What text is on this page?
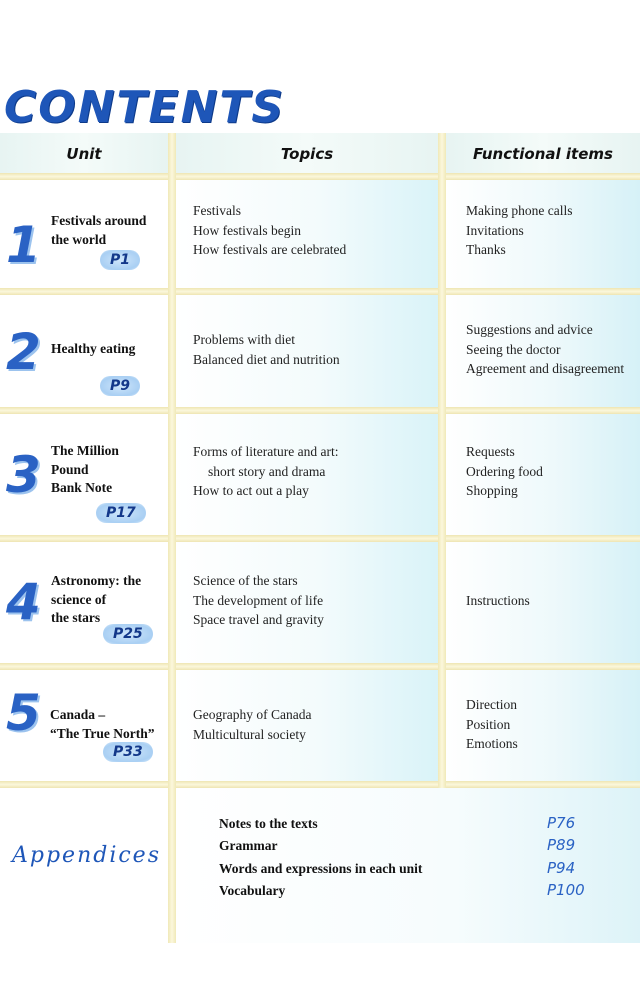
CONTENTS
Unit	Topics	Functional items
1 Festivals around
the world
P1
Festivals
How festivals begin
How festivals are celebrated
Making phone calls
Invitations
Thanks
2 Healthy eating
P9
Problems with diet
Balanced diet and nutrition
Suggestions and advice
Seeing the doctor
Agreement and disagreement
3 The Million
Pound
Bank Note
P17
Forms of literature and art:
short story and drama
How to act out a play
Requests
Ordering food
Shopping
4 Astronomy: the
science of
the stars
P25
Science of the stars
The development of life
Space travel and gravity
Instructions
5 Canada –
“The True North”
P33
Geography of Canada
Multicultural society
Direction
Position
Emotions
Appendices
Notes to the texts
Grammar
Words and expressions in each unit
Vocabulary
P76
P89
P94
P100
